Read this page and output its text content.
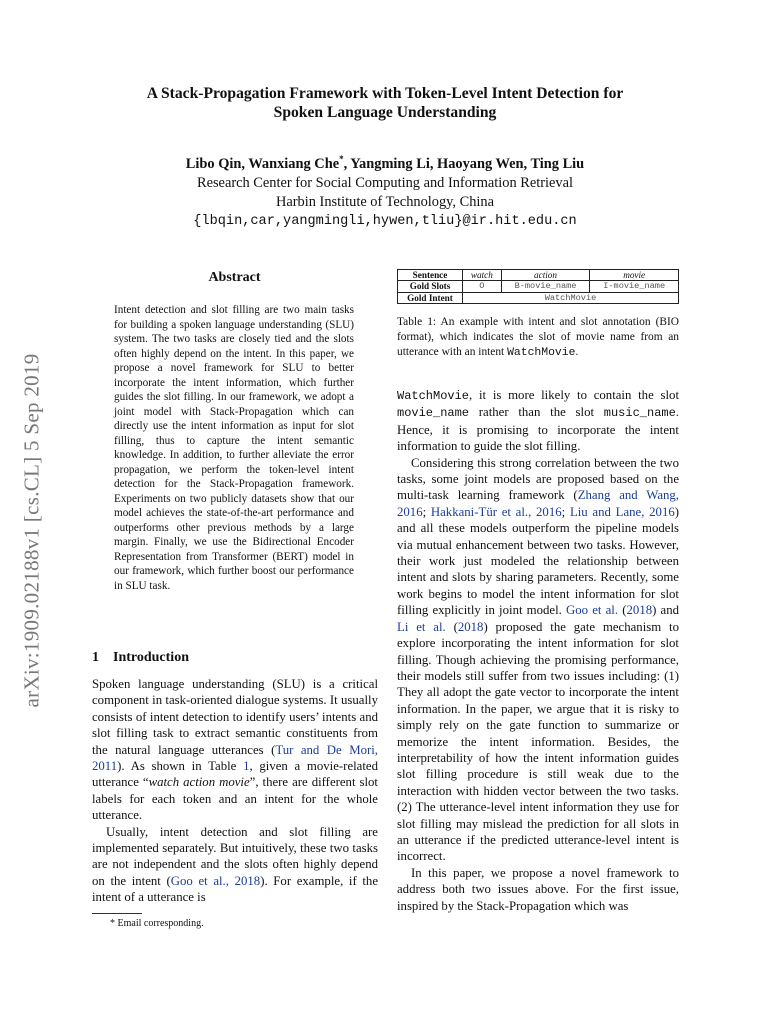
arXiv:1909.02188v1 [cs.CL] 5 Sep 2019
A Stack-Propagation Framework with Token-Level Intent Detection for
Spoken Language Understanding
Libo Qin, Wanxiang Che*, Yangming Li, Haoyang Wen, Ting Liu
Research Center for Social Computing and Information Retrieval
Harbin Institute of Technology, China
{lbqin,car,yangmingli,hywen,tliu}@ir.hit.edu.cn
Abstract
Intent detection and slot filling are two main tasks for building a spoken language understanding (SLU) system. The two tasks are closely tied and the slots often highly depend on the intent. In this paper, we propose a novel framework for SLU to better incorporate the intent information, which further guides the slot filling. In our framework, we adopt a joint model with Stack-Propagation which can directly use the intent information as input for slot filling, thus to capture the intent semantic knowledge. In addition, to further alleviate the error propagation, we perform the token-level intent detection for the Stack-Propagation framework. Experiments on two publicly datasets show that our model achieves the state-of-the-art performance and outperforms other previous methods by a large margin. Finally, we use the Bidirectional Encoder Representation from Transformer (BERT) model in our framework, which further boost our performance in SLU task.
1 Introduction

Spoken language understanding (SLU) is a critical component in task-oriented dialogue systems. It usually consists of intent detection to identify users’ intents and slot filling task to extract semantic constituents from the natural language utterances (Tur and De Mori, 2011). As shown in Table 1, given a movie-related utterance “watch action movie”, there are different slot labels for each token and an intent for the whole utterance.

Usually, intent detection and slot filling are implemented separately. But intuitively, these two tasks are not independent and the slots often highly depend on the intent (Goo et al., 2018). For example, if the intent of a utterance is

* Email corresponding.
Sentence	watch	action	movie
Gold Slots	O	B-movie_name	I-movie_name
Gold Intent	WatchMovie		
Table 1: An example with intent and slot annotation (BIO format), which indicates the slot of movie name from an utterance with an intent WatchMovie.

WatchMovie, it is more likely to contain the slot movie_name rather than the slot music_name. Hence, it is promising to incorporate the intent information to guide the slot filling.

Considering this strong correlation between the two tasks, some joint models are proposed based on the multi-task learning framework (Zhang and Wang, 2016; Hakkani-Tür et al., 2016; Liu and Lane, 2016) and all these models outperform the pipeline models via mutual enhancement between two tasks. However, their work just modeled the relationship between intent and slots by sharing parameters. Recently, some work begins to model the intent information for slot filling explicitly in joint model. Goo et al. (2018) and Li et al. (2018) proposed the gate mechanism to explore incorporating the intent information for slot filling. Though achieving the promising performance, their models still suffer from two issues including: (1) They all adopt the gate vector to incorporate the intent information. In the paper, we argue that it is risky to simply rely on the gate function to summarize or memorize the intent information. Besides, the interpretability of how the intent information guides slot filling procedure is still weak due to the interaction with hidden vector between the two tasks. (2) The utterance-level intent information they use for slot filling may mislead the prediction for all slots in an utterance if the predicted utterance-level intent is incorrect.

In this paper, we propose a novel framework to address both two issues above. For the first issue, inspired by the Stack-Propagation which was
